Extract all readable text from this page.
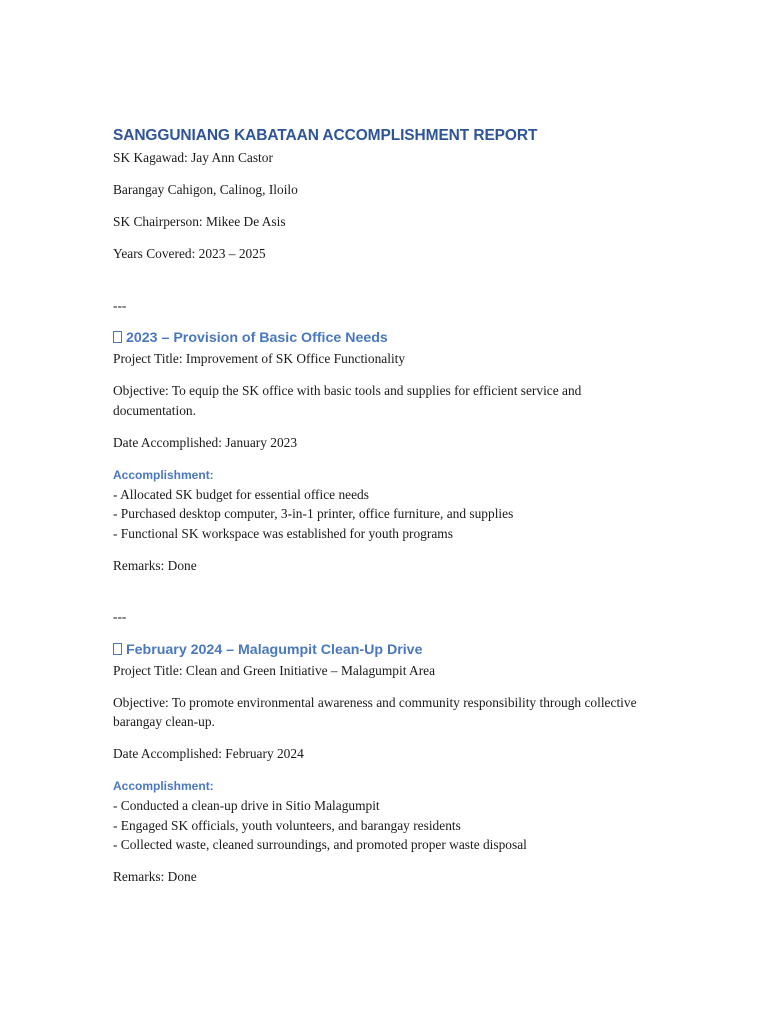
SANGGUNIANG KABATAAN ACCOMPLISHMENT REPORT

SK Kagawad: Jay Ann Castor

Barangay Cahigon, Calinog, Iloilo

SK Chairperson: Mikee De Asis

Years Covered: 2023 – 2025

---

2023 – Provision of Basic Office Needs

Project Title: Improvement of SK Office Functionality

Objective: To equip the SK office with basic tools and supplies for efficient service and documentation.

Date Accomplished: January 2023

Accomplishment:

- Allocated SK budget for essential office needs
- Purchased desktop computer, 3-in-1 printer, office furniture, and supplies
- Functional SK workspace was established for youth programs

Remarks: Done

---

February 2024 – Malagumpit Clean-Up Drive

Project Title: Clean and Green Initiative – Malagumpit Area

Objective: To promote environmental awareness and community responsibility through collective barangay clean-up.

Date Accomplished: February 2024

Accomplishment:

- Conducted a clean-up drive in Sitio Malagumpit
- Engaged SK officials, youth volunteers, and barangay residents
- Collected waste, cleaned surroundings, and promoted proper waste disposal

Remarks: Done
